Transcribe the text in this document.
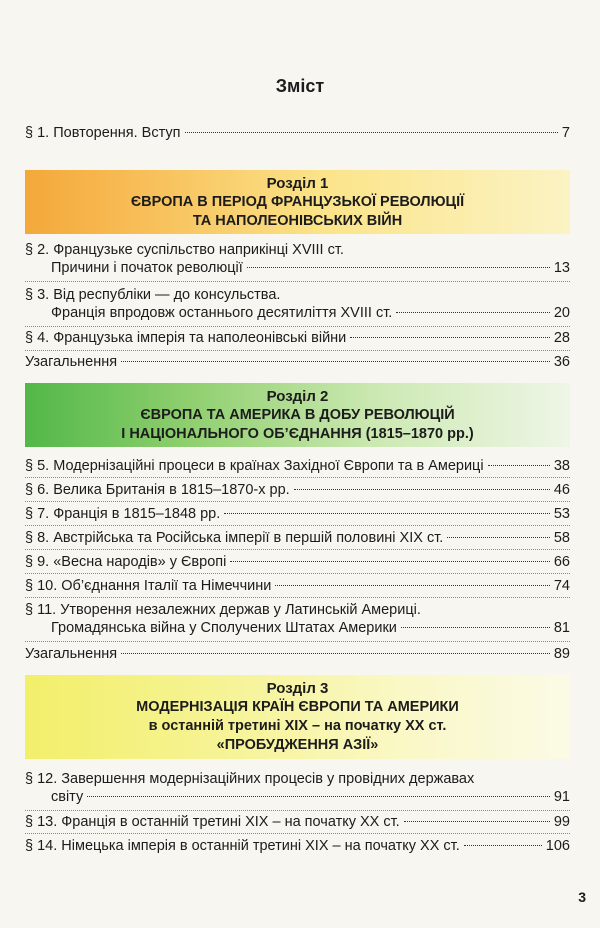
Зміст
§ 1. Повторення. Вступ	7
Розділ 1
ЄВРОПА В ПЕРІОД ФРАНЦУЗЬКОЇ РЕВОЛЮЦІЇ
ТА НАПОЛЕОНІВСЬКИХ ВІЙН
§ 2. Французьке суспільство наприкінці XVIII ст.
Причини і початок революції	13
§ 3. Від республіки — до консульства.
Франція впродовж останнього десятиліття XVIII ст.	20
§ 4. Французька імперія та наполеонівські війни	28
Узагальнення	36
Розділ 2
ЄВРОПА ТА АМЕРИКА В ДОБУ РЕВОЛЮЦІЙ
І НАЦІОНАЛЬНОГО ОБ’ЄДНАННЯ (1815–1870 рр.)
§ 5. Модернізаційні процеси в країнах Західної Європи та в Америці	38
§ 6. Велика Британія в 1815–1870-х рр.	46
§ 7. Франція в 1815–1848 рр.	53
§ 8. Австрійська та Російська імперії в першій половині XIX ст.	58
§ 9. «Весна народів» у Європі	66
§ 10. Об’єднання Італії та Німеччини	74
§ 11. Утворення незалежних держав у Латинській Америці.
Громадянська війна у Сполучених Штатах Америки	81
Узагальнення	89
Розділ 3
МОДЕРНІЗАЦІЯ КРАЇН ЄВРОПИ ТА АМЕРИКИ
в останній третині XIX – на початку XX ст.
«ПРОБУДЖЕННЯ АЗІЇ»
§ 12. Завершення модернізаційних процесів у провідних державах
світу	91
§ 13. Франція в останній третині XIX – на початку XX ст.	99
§ 14. Німецька імперія в останній третині XIX – на початку XX ст.	106
3
